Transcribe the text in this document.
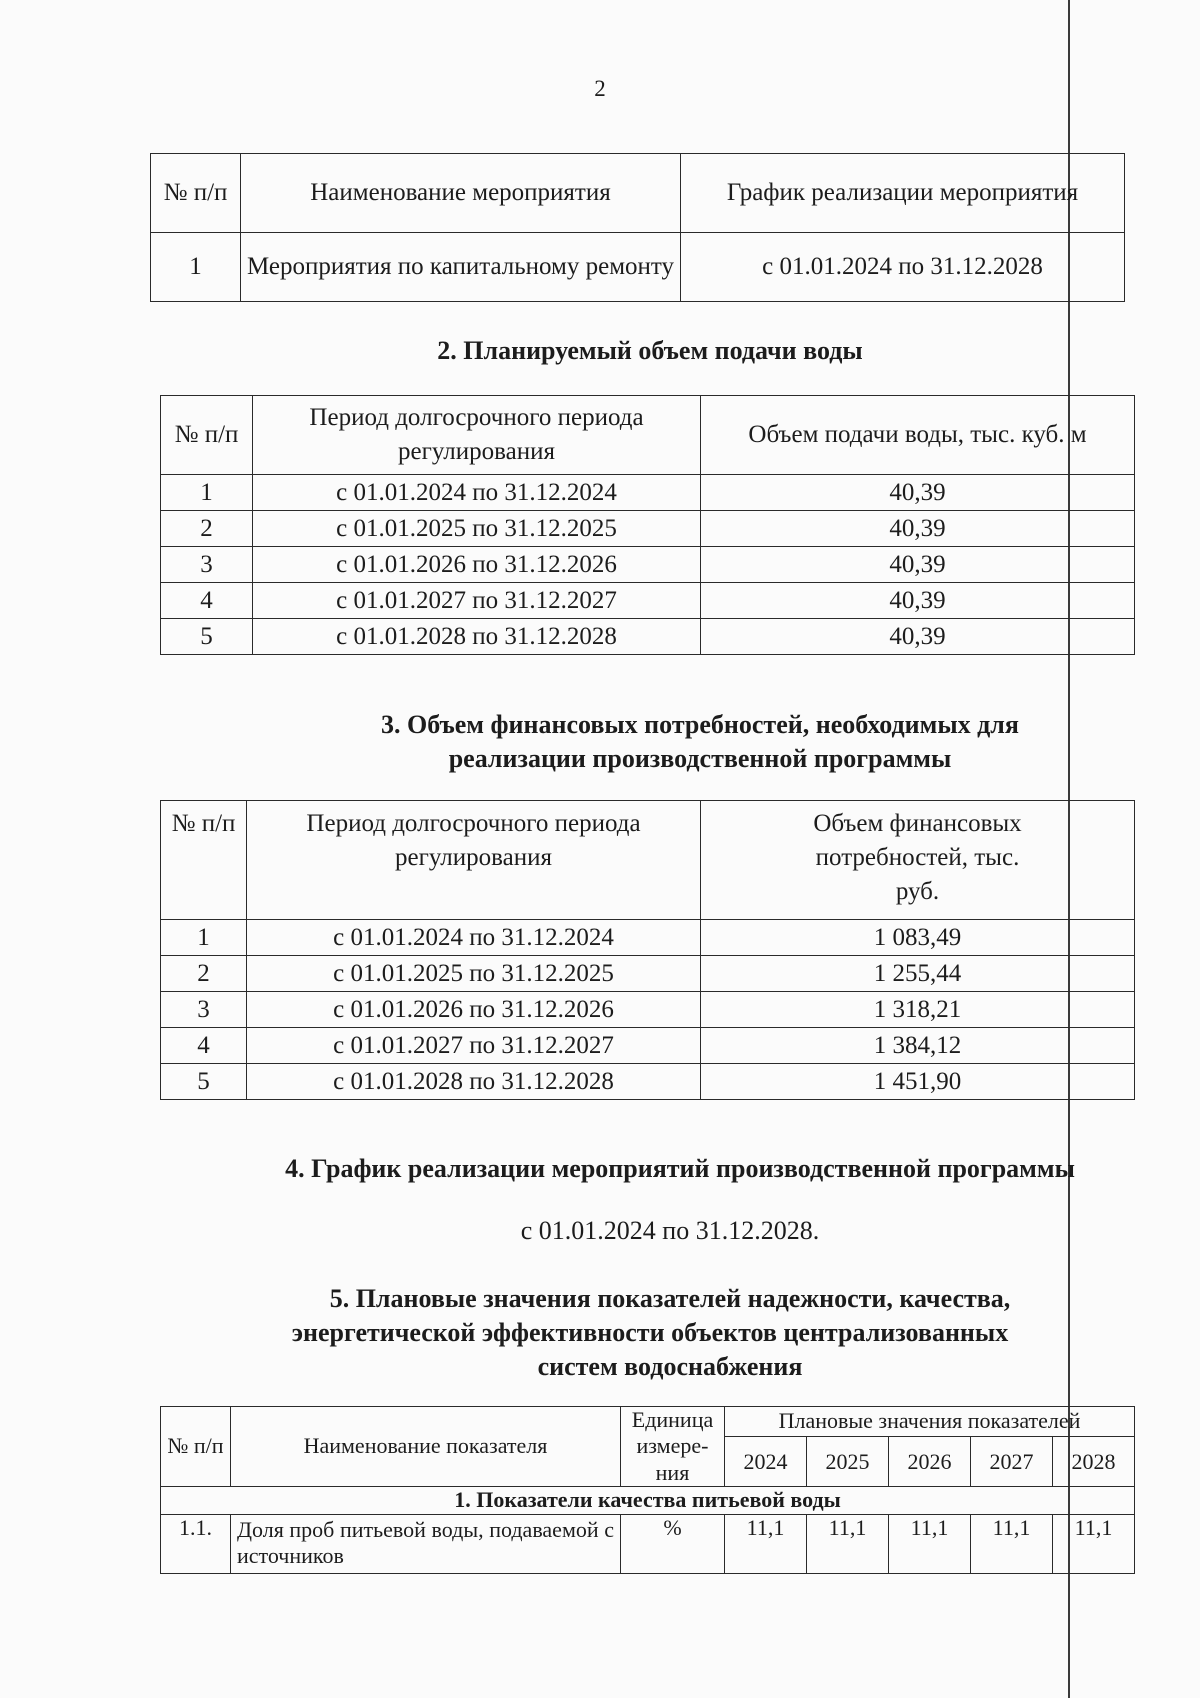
2
№ п/п	Наименование мероприятия	График реализации мероприятия
1	Мероприятия по капитальному ремонту	с 01.01.2024 по 31.12.2028
2. Планируемый объем подачи воды
№ п/п	Период долгосрочного периода регулирования	Объем подачи воды, тыс. куб. м
1	с 01.01.2024 по 31.12.2024	40,39
2	с 01.01.2025 по 31.12.2025	40,39
3	с 01.01.2026 по 31.12.2026	40,39
4	с 01.01.2027 по 31.12.2027	40,39
5	с 01.01.2028 по 31.12.2028	40,39
3. Объем финансовых потребностей, необходимых для
реализации производственной программы
№ п/п	Период долгосрочного периода регулирования	Объем финансовых потребностей, тыс. руб.
1	с 01.01.2024 по 31.12.2024	1 083,49
2	с 01.01.2025 по 31.12.2025	1 255,44
3	с 01.01.2026 по 31.12.2026	1 318,21
4	с 01.01.2027 по 31.12.2027	1 384,12
5	с 01.01.2028 по 31.12.2028	1 451,90
4. График реализации мероприятий производственной программы
с 01.01.2024 по 31.12.2028.
5. Плановые значения показателей надежности, качества,
энергетической эффективности объектов централизованных
систем водоснабжения
№ п/п	Наименование показателя	Единица измере-ния	Плановые значения показателей				
			2024	2025	2026	2027	2028
1. Показатели качества питьевой воды							
1.1.	Доля проб питьевой воды, подаваемой с источников	%	11,1	11,1	11,1	11,1	11,1
